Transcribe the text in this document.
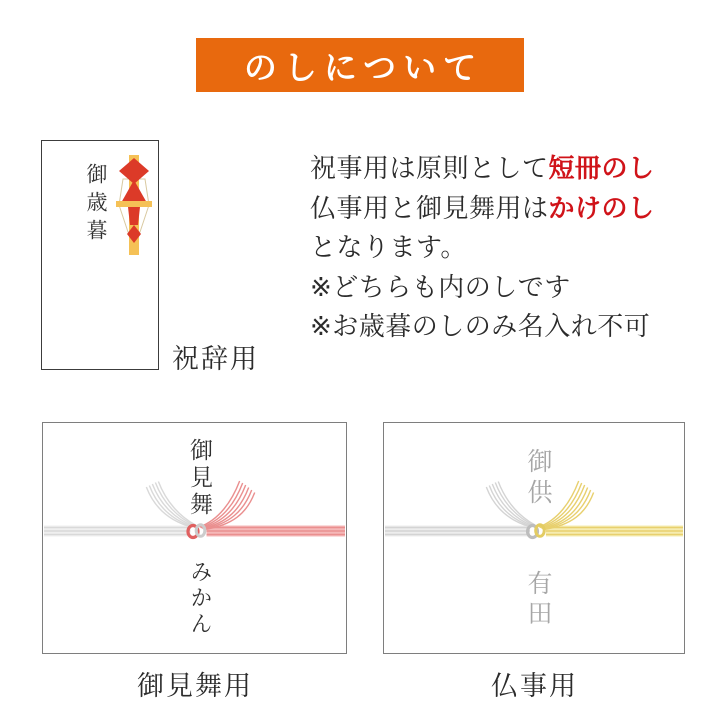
のしについて
御歳暮
祝辞用

祝事用は原則として短冊のし

仏事用と御見舞用はかけのし

となります。

※どちらも内のしです

※お歳暮のしのみ名入れ不可

御見舞
みかん
御見舞用
御供
有田
仏事用
